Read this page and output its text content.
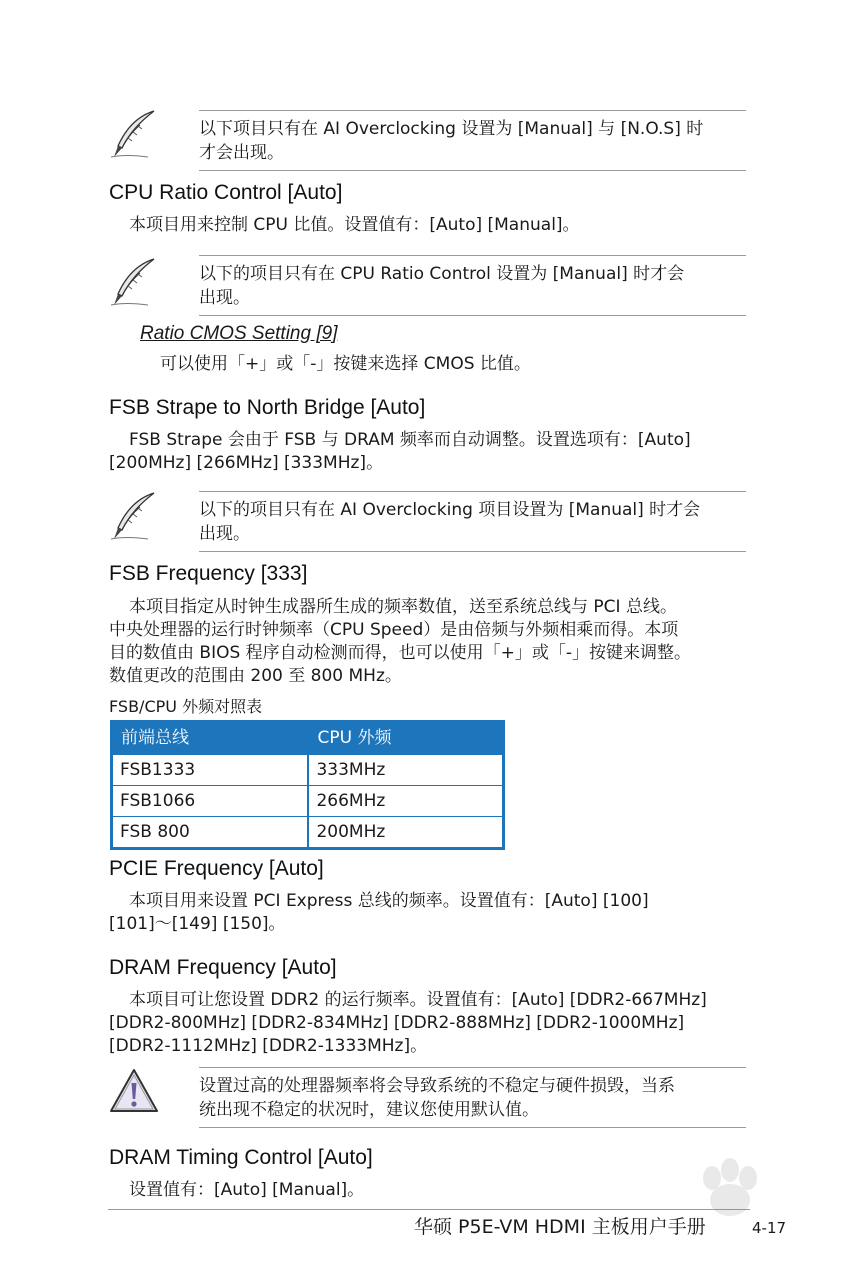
以下项目只有在 AI Overclocking 设置为 [Manual] 与 [N.O.S] 时
才会出现。
CPU Ratio Control [Auto]

本项目用来控制 CPU 比值。设置值有：[Auto] [Manual]。

以下的项目只有在 CPU Ratio Control 设置为 [Manual] 时才会
出现。
Ratio CMOS Setting [9]

可以使用「+」或「-」按键来选择 CMOS 比值。

FSB Strape to North Bridge [Auto]
FSB Strape 会由于 FSB 与 DRAM 频率而自动调整。设置选项有：[Auto]
[200MHz] [266MHz] [333MHz]。
以下的项目只有在 AI Overclocking 项目设置为 [Manual] 时才会
出现。
FSB Frequency [333]
本项目指定从时钟生成器所生成的频率数值，送至系统总线与 PCI 总线。
中央处理器的运行时钟频率（CPU Speed）是由倍频与外频相乘而得。本项
目的数值由 BIOS 程序自动检测而得，也可以使用「+」或「-」按键来调整。
数值更改的范围由 200 至 800 MHz。
FSB/CPU 外频对照表
前端总线	CPU 外频
FSB1333	333MHz
FSB1066	266MHz
FSB 800	200MHz
PCIE Frequency [Auto]
本项目用来设置 PCI Express 总线的频率。设置值有：[Auto] [100]
[101]～[149] [150]。
DRAM Frequency [Auto]
本项目可让您设置 DDR2 的运行频率。设置值有：[Auto] [DDR2-667MHz]
[DDR2-800MHz] [DDR2-834MHz] [DDR2-888MHz] [DDR2-1000MHz]
[DDR2-1112MHz] [DDR2-1333MHz]。
设置过高的处理器频率将会导致系统的不稳定与硬件损毁，当系
统出现不稳定的状况时，建议您使用默认值。
DRAM Timing Control [Auto]

设置值有：[Auto] [Manual]。

华硕 P5E-VM HDMI 主板用户手册	4-17
